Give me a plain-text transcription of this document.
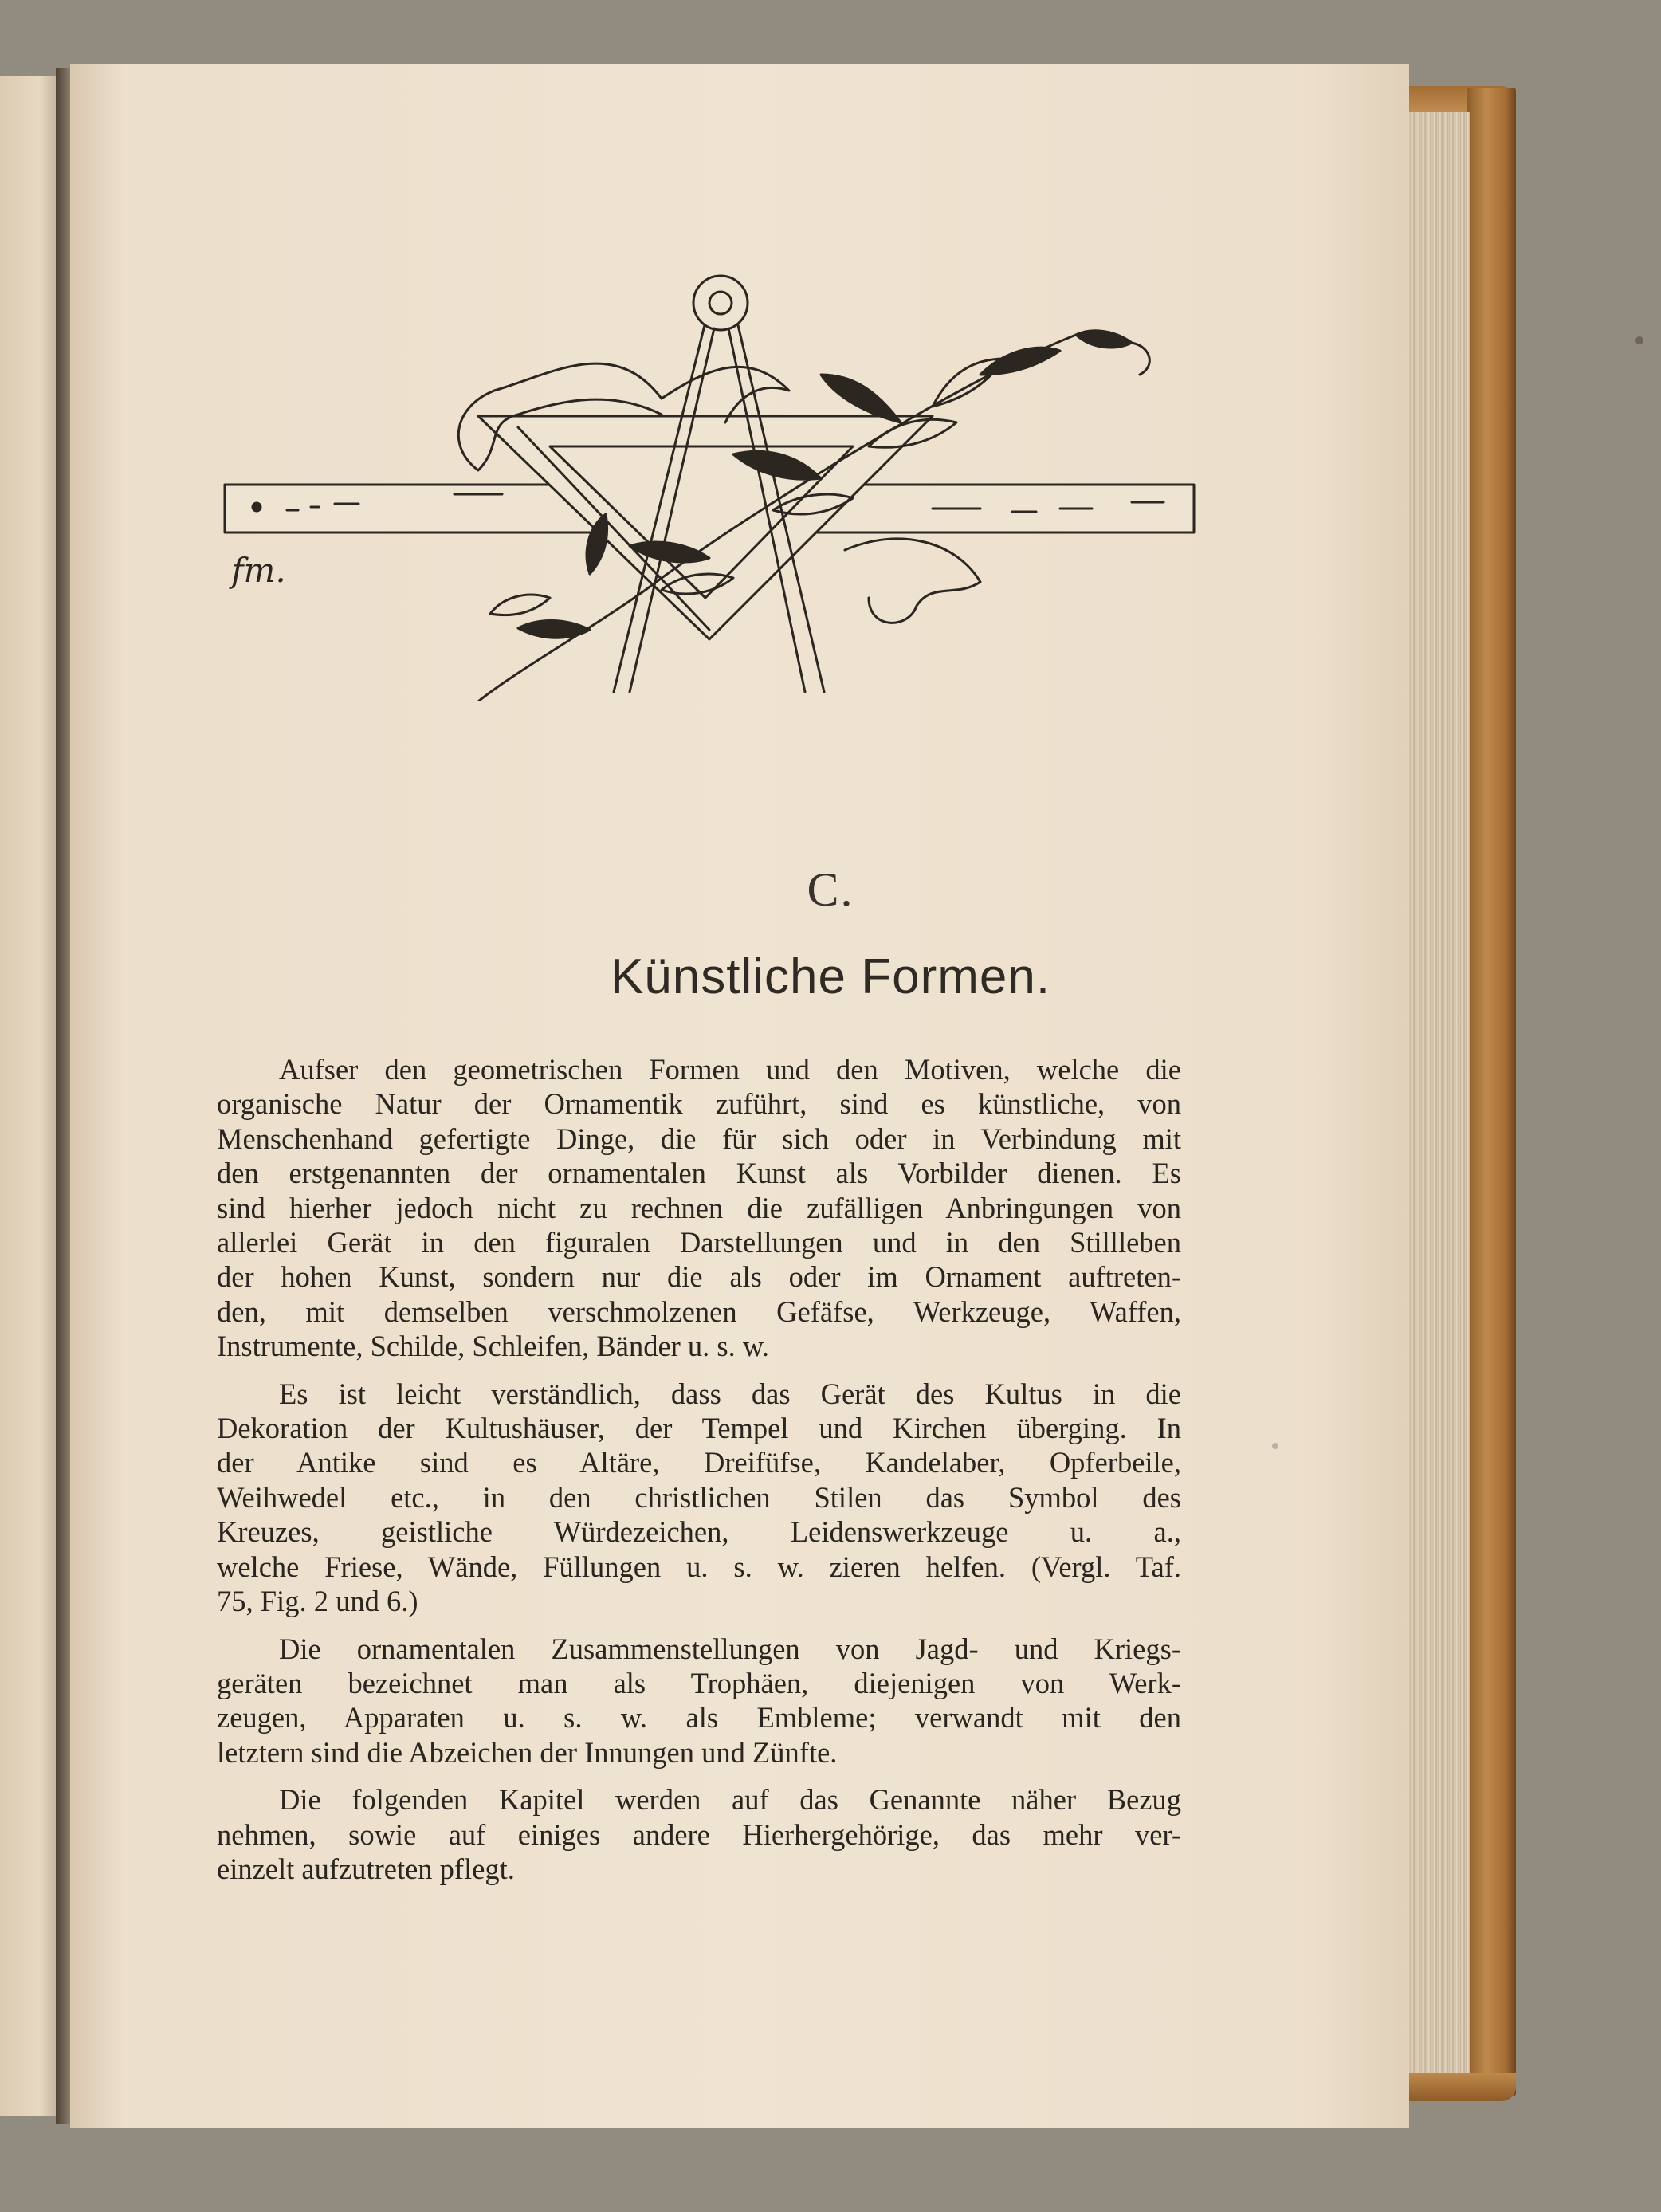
fm.
C.
Künstliche Formen.
Aufser den geometrischen Formen und den Motiven, welche die
organische Natur der Ornamentik zuführt, sind es künstliche, von
Menschenhand gefertigte Dinge, die für sich oder in Verbindung mit
den erstgenannten der ornamentalen Kunst als Vorbilder dienen. Es
sind hierher jedoch nicht zu rechnen die zufälligen Anbringungen von
allerlei Gerät in den figuralen Darstellungen und in den Stillleben
der hohen Kunst, sondern nur die als oder im Ornament auftreten-
den, mit demselben verschmolzenen Gefäfse, Werkzeuge, Waffen,
Instrumente, Schilde, Schleifen, Bänder u. s. w.
Es ist leicht verständlich, dass das Gerät des Kultus in die
Dekoration der Kultushäuser, der Tempel und Kirchen überging. In
der Antike sind es Altäre, Dreifüfse, Kandelaber, Opferbeile,
Weihwedel etc., in den christlichen Stilen das Symbol des
Kreuzes, geistliche Würdezeichen, Leidenswerkzeuge u. a.,
welche Friese, Wände, Füllungen u. s. w. zieren helfen. (Vergl. Taf.
75, Fig. 2 und 6.)
Die ornamentalen Zusammenstellungen von Jagd- und Kriegs-
geräten bezeichnet man als Trophäen, diejenigen von Werk-
zeugen, Apparaten u. s. w. als Embleme; verwandt mit den
letztern sind die Abzeichen der Innungen und Zünfte.
Die folgenden Kapitel werden auf das Genannte näher Bezug
nehmen, sowie auf einiges andere Hierhergehörige, das mehr ver-
einzelt aufzutreten pflegt.
